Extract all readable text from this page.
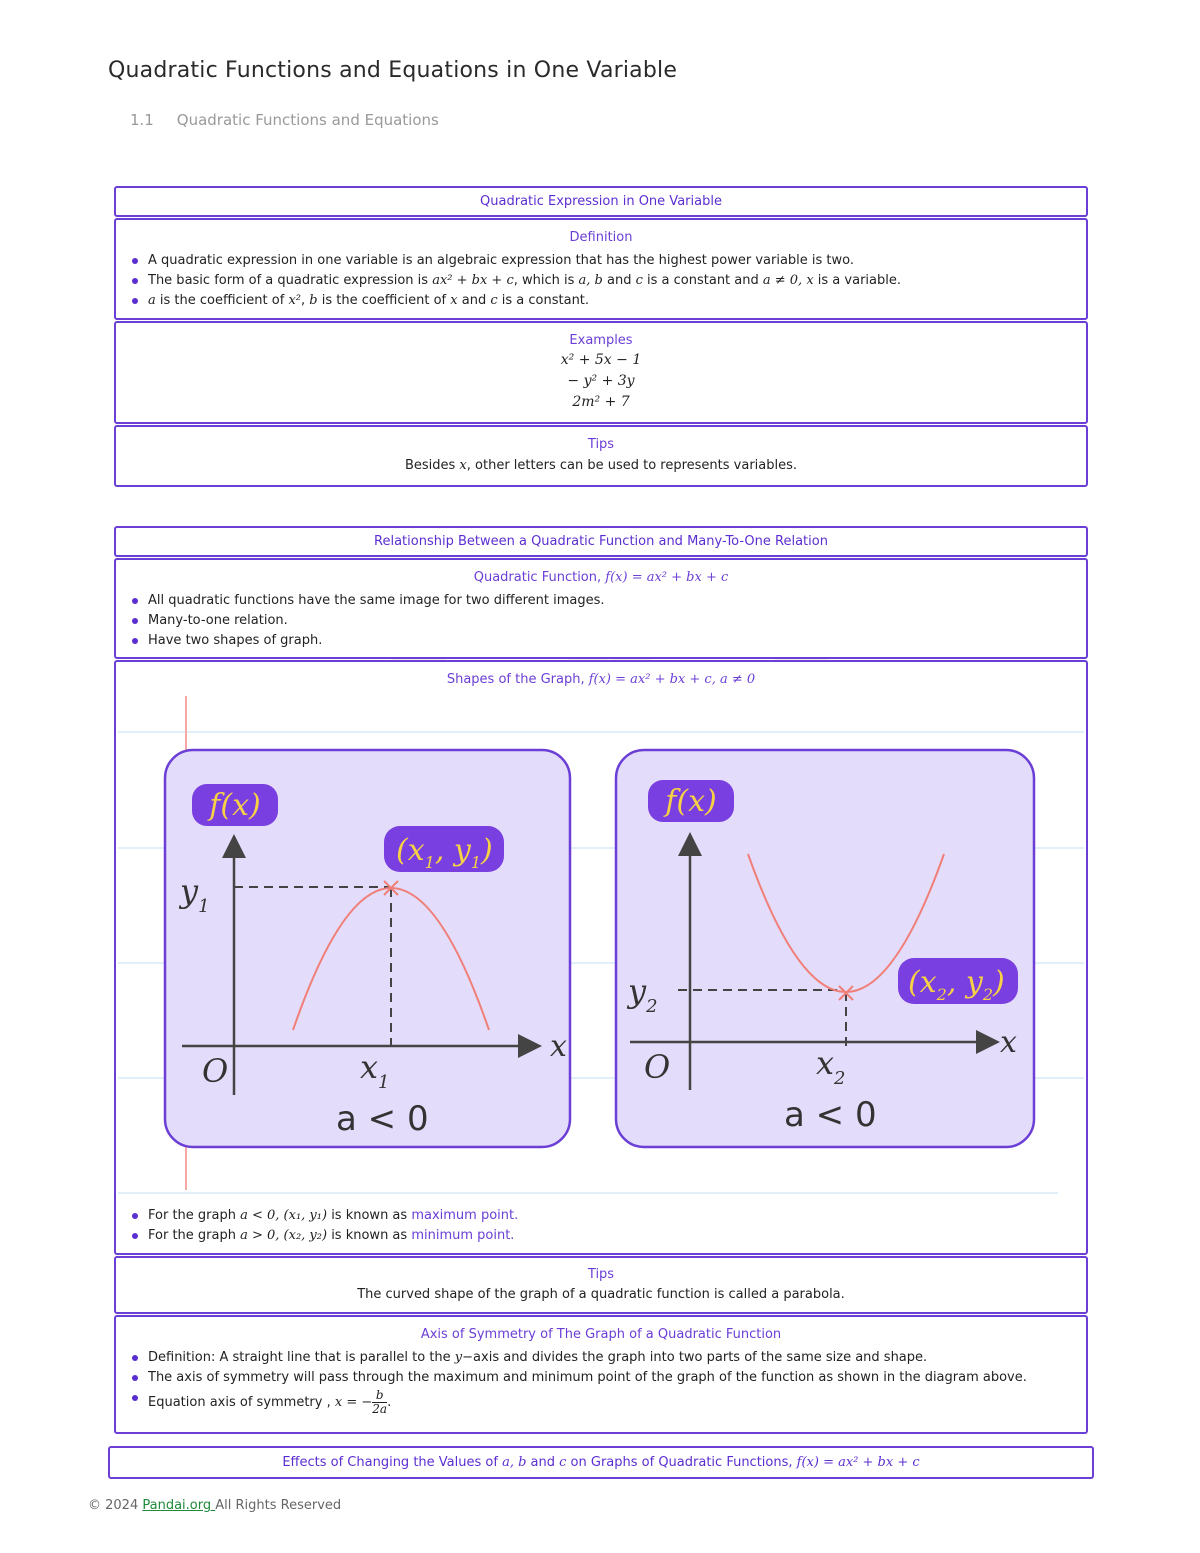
Quadratic Functions and Equations in One Variable
1.1 Quadratic Functions and Equations
Quadratic Expression in One Variable
Definition
A quadratic expression in one variable is an algebraic expression that has the highest power variable is two.
The basic form of a quadratic expression is ax² + bx + c, which is a, b and c is a constant and a ≠ 0, x is a variable.
a is the coefficient of x², b is the coefficient of x and c is a constant.
Examples
x² + 5x − 1
− y² + 3y
2m² + 7
Tips
Besides x, other letters can be used to represents variables.
Relationship Between a Quadratic Function and Many-To-One Relation
Quadratic Function, f(x) = ax² + bx + c
All quadratic functions have the same image for two different images.
Many-to-one relation.
Have two shapes of graph.
Shapes of the Graph, f(x) = ax² + bx + c, a ≠ 0
For the graph a < 0, (x₁, y₁) is known as maximum point.
For the graph a > 0, (x₂, y₂) is known as minimum point.
f(x)
x
O
($x_1$, $y_1$)
$y_1$
$x_1$
a < 0
f(x)
x
O
($x_2$, $y_2$)
$y_2$
$x_2$
a < 0
Tips
The curved shape of the graph of a quadratic function is called a parabola.
Axis of Symmetry of The Graph of a Quadratic Function
Definition: A straight line that is parallel to the y−axis and divides the graph into two parts of the same size and shape.
The axis of symmetry will pass through the maximum and minimum point of the graph of the function as shown in the diagram above.
Equation axis of symmetry , x = − $\frac{b}{2a}$ .
Effects of Changing the Values of a, b and c on Graphs of Quadratic Functions, f(x) = ax² + bx + c
© 2024 Pandai.org All Rights Reserved
